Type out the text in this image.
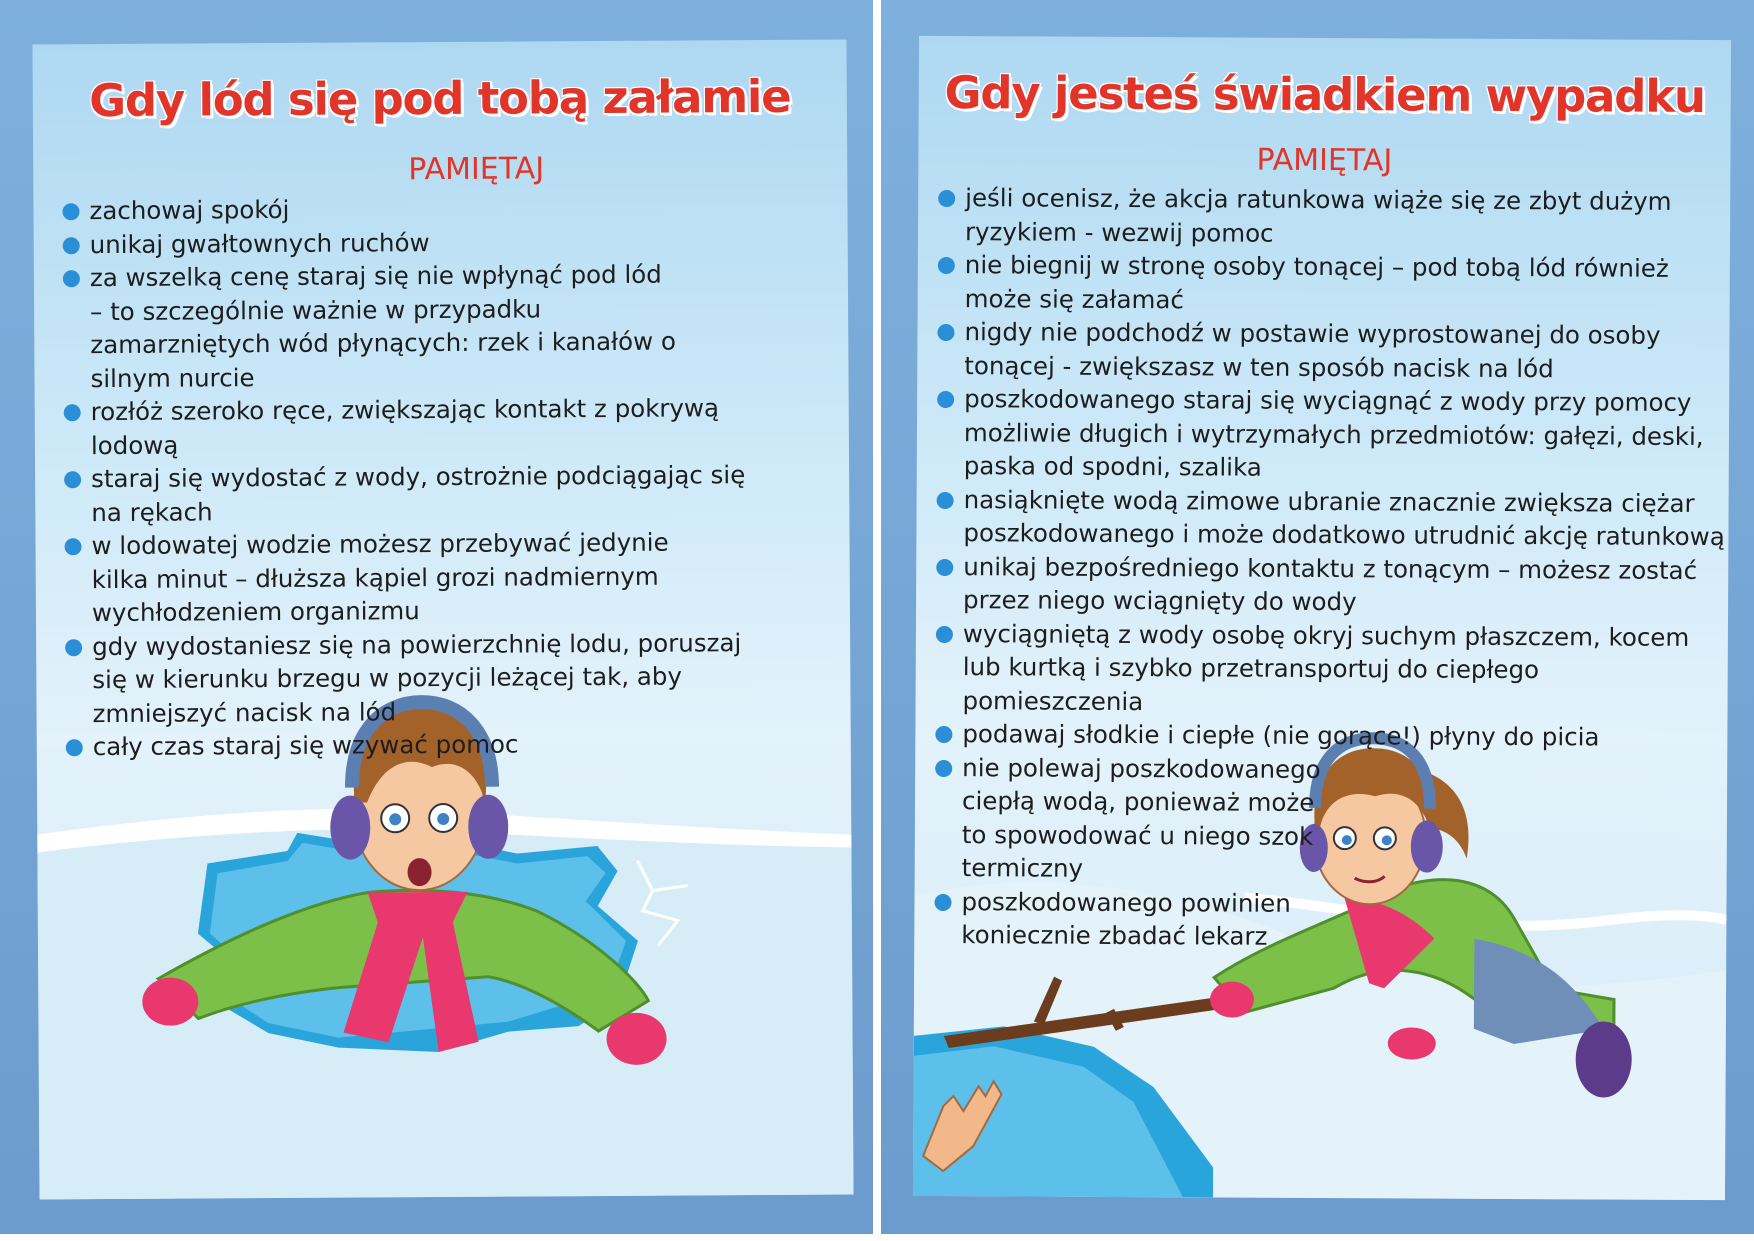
Gdy lód się pod tobą załamie
PAMIĘTAJ
zachowaj spokój
unikaj gwałtownych ruchów
za wszelką cenę staraj się nie wpłynąć pod lód – to szczególnie ważnie w przypadku zamarzniętych wód płynących: rzek i kanałów o silnym nurcie
rozłóż szeroko ręce, zwiększając kontakt z pokrywą lodową
staraj się wydostać z wody, ostrożnie podciągając się na rękach
w lodowatej wodzie możesz przebywać jedynie kilka minut – dłuższa kąpiel grozi nadmiernym wychłodzeniem organizmu
gdy wydostaniesz się na powierzchnię lodu, poruszaj się w kierunku brzegu w pozycji leżącej tak, aby zmniejszyć nacisk na lód
cały czas staraj się wzywać pomoc
Gdy jesteś świadkiem wypadku
PAMIĘTAJ
jeśli ocenisz, że akcja ratunkowa wiąże się ze zbyt dużym ryzykiem - wezwij pomoc
nie biegnij w stronę osoby tonącej – pod tobą lód również może się załamać
nigdy nie podchodź w postawie wyprostowanej do osoby tonącej - zwiększasz w ten sposób nacisk na lód
poszkodowanego staraj się wyciągnąć z wody przy pomocy możliwie długich i wytrzymałych przedmiotów: gałęzi, deski, paska od spodni, szalika
nasiąknięte wodą zimowe ubranie znacznie zwiększa ciężar poszkodowanego i może dodatkowo utrudnić akcję ratunkową
unikaj bezpośredniego kontaktu z tonącym – możesz zostać przez niego wciągnięty do wody
wyciągniętą z wody osobę okryj suchym płaszczem, kocem lub kurtką i szybko przetransportuj do ciepłego pomieszczenia
podawaj słodkie i ciepłe (nie gorące!) płyny do picia
nie polewaj poszkodowanego ciepłą wodą, ponieważ może to spowodować u niego szok termiczny
poszkodowanego powinien koniecznie zbadać lekarz
